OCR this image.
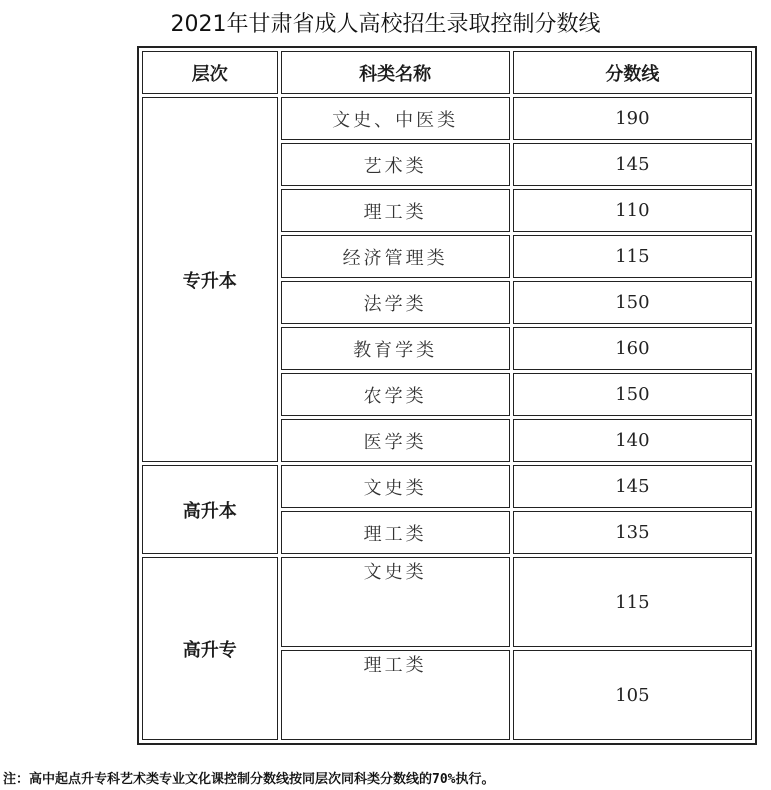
2021年甘肃省成人高校招生录取控制分数线
层次	科类名称	分数线
专升本	文史、中医类	190
	艺术类	145
	理工类	110
	经济管理类	115
	法学类	150
	教育学类	160
	农学类	150
	医学类	140
高升本	文史类	145
	理工类	135
高升专	文史类	115
	理工类	105
注：高中起点升专科艺术类专业文化课控制分数线按同层次同科类分数线的70%执行。
